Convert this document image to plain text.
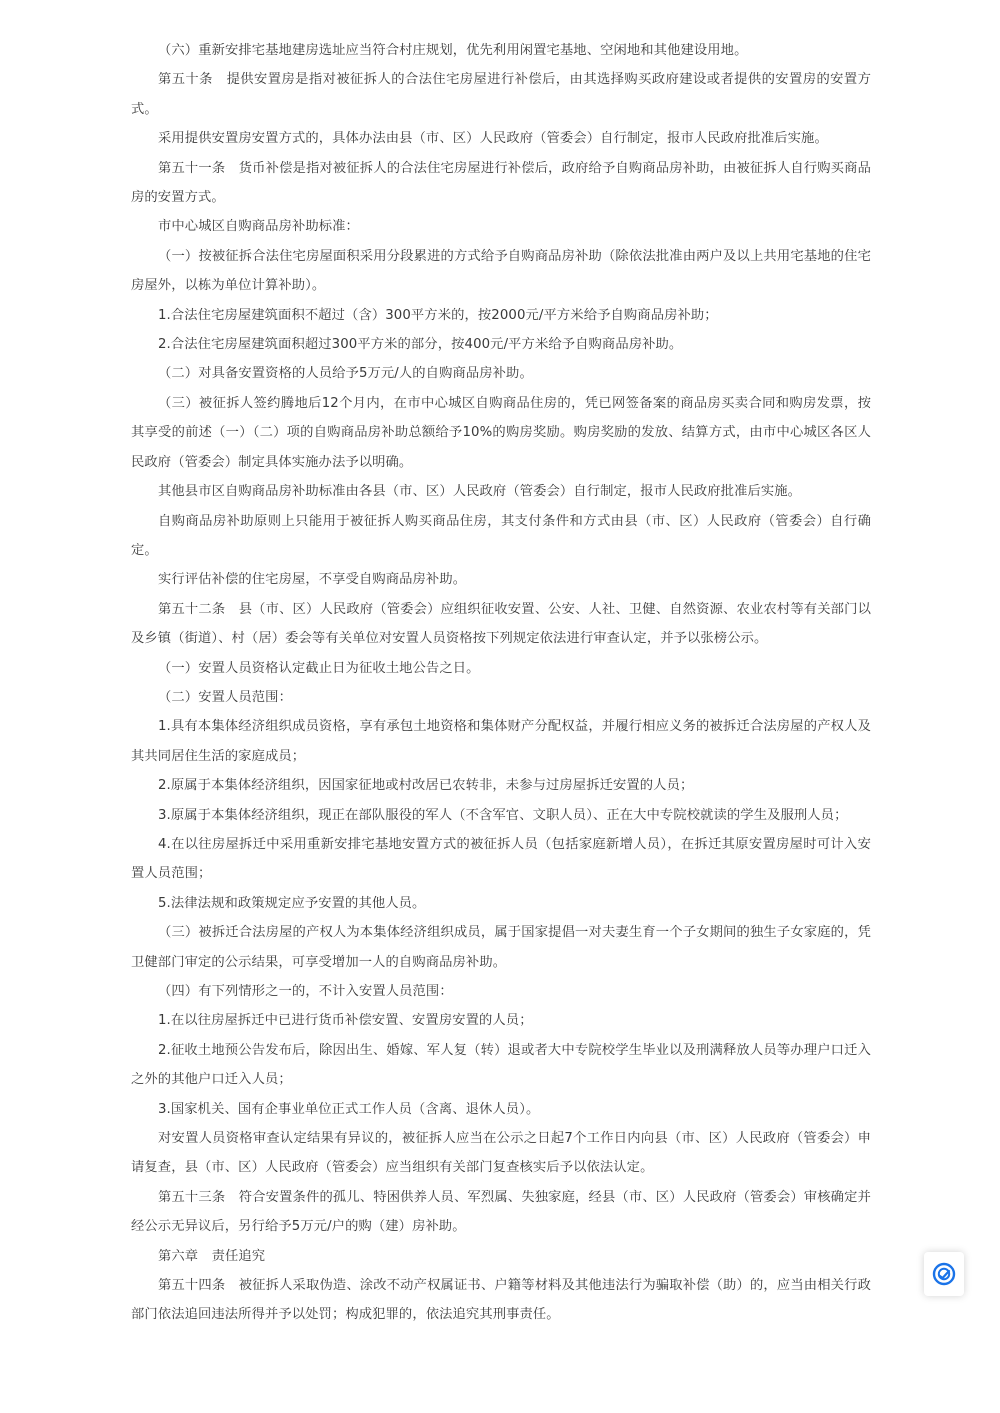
（六）重新安排宅基地建房选址应当符合村庄规划，优先利用闲置宅基地、空闲地和其他建设用地。

第五十条　提供安置房是指对被征拆人的合法住宅房屋进行补偿后，由其选择购买政府建设或者提供的安置房的安置方式。

采用提供安置房安置方式的，具体办法由县（市、区）人民政府（管委会）自行制定，报市人民政府批准后实施。

第五十一条　货币补偿是指对被征拆人的合法住宅房屋进行补偿后，政府给予自购商品房补助，由被征拆人自行购买商品房的安置方式。

市中心城区自购商品房补助标准：

（一）按被征拆合法住宅房屋面积采用分段累进的方式给予自购商品房补助（除依法批准由两户及以上共用宅基地的住宅房屋外，以栋为单位计算补助）。

1.合法住宅房屋建筑面积不超过（含）300平方米的，按2000元/平方米给予自购商品房补助；

2.合法住宅房屋建筑面积超过300平方米的部分，按400元/平方米给予自购商品房补助。

（二）对具备安置资格的人员给予5万元/人的自购商品房补助。

（三）被征拆人签约腾地后12个月内，在市中心城区自购商品住房的，凭已网签备案的商品房买卖合同和购房发票，按其享受的前述（一）（二）项的自购商品房补助总额给予10%的购房奖励。购房奖励的发放、结算方式，由市中心城区各区人民政府（管委会）制定具体实施办法予以明确。

其他县市区自购商品房补助标准由各县（市、区）人民政府（管委会）自行制定，报市人民政府批准后实施。

自购商品房补助原则上只能用于被征拆人购买商品住房，其支付条件和方式由县（市、区）人民政府（管委会）自行确定。

实行评估补偿的住宅房屋，不享受自购商品房补助。

第五十二条　县（市、区）人民政府（管委会）应组织征收安置、公安、人社、卫健、自然资源、农业农村等有关部门以及乡镇（街道）、村（居）委会等有关单位对安置人员资格按下列规定依法进行审查认定，并予以张榜公示。

（一）安置人员资格认定截止日为征收土地公告之日。

（二）安置人员范围：

1.具有本集体经济组织成员资格，享有承包土地资格和集体财产分配权益，并履行相应义务的被拆迁合法房屋的产权人及其共同居住生活的家庭成员；

2.原属于本集体经济组织，因国家征地或村改居已农转非，未参与过房屋拆迁安置的人员；

3.原属于本集体经济组织，现正在部队服役的军人（不含军官、文职人员）、正在大中专院校就读的学生及服刑人员；

4.在以往房屋拆迁中采用重新安排宅基地安置方式的被征拆人员（包括家庭新增人员），在拆迁其原安置房屋时可计入安置人员范围；

5.法律法规和政策规定应予安置的其他人员。

（三）被拆迁合法房屋的产权人为本集体经济组织成员，属于国家提倡一对夫妻生育一个子女期间的独生子女家庭的，凭卫健部门审定的公示结果，可享受增加一人的自购商品房补助。

（四）有下列情形之一的，不计入安置人员范围：

1.在以往房屋拆迁中已进行货币补偿安置、安置房安置的人员；

2.征收土地预公告发布后，除因出生、婚嫁、军人复（转）退或者大中专院校学生毕业以及刑满释放人员等办理户口迁入之外的其他户口迁入人员；

3.国家机关、国有企事业单位正式工作人员（含离、退休人员）。

对安置人员资格审查认定结果有异议的，被征拆人应当在公示之日起7个工作日内向县（市、区）人民政府（管委会）申请复查，县（市、区）人民政府（管委会）应当组织有关部门复查核实后予以依法认定。

第五十三条　符合安置条件的孤儿、特困供养人员、军烈属、失独家庭，经县（市、区）人民政府（管委会）审核确定并经公示无异议后，另行给予5万元/户的购（建）房补助。

第六章　责任追究

第五十四条　被征拆人采取伪造、涂改不动产权属证书、户籍等材料及其他违法行为骗取补偿（助）的，应当由相关行政部门依法追回违法所得并予以处罚；构成犯罪的，依法追究其刑事责任。
